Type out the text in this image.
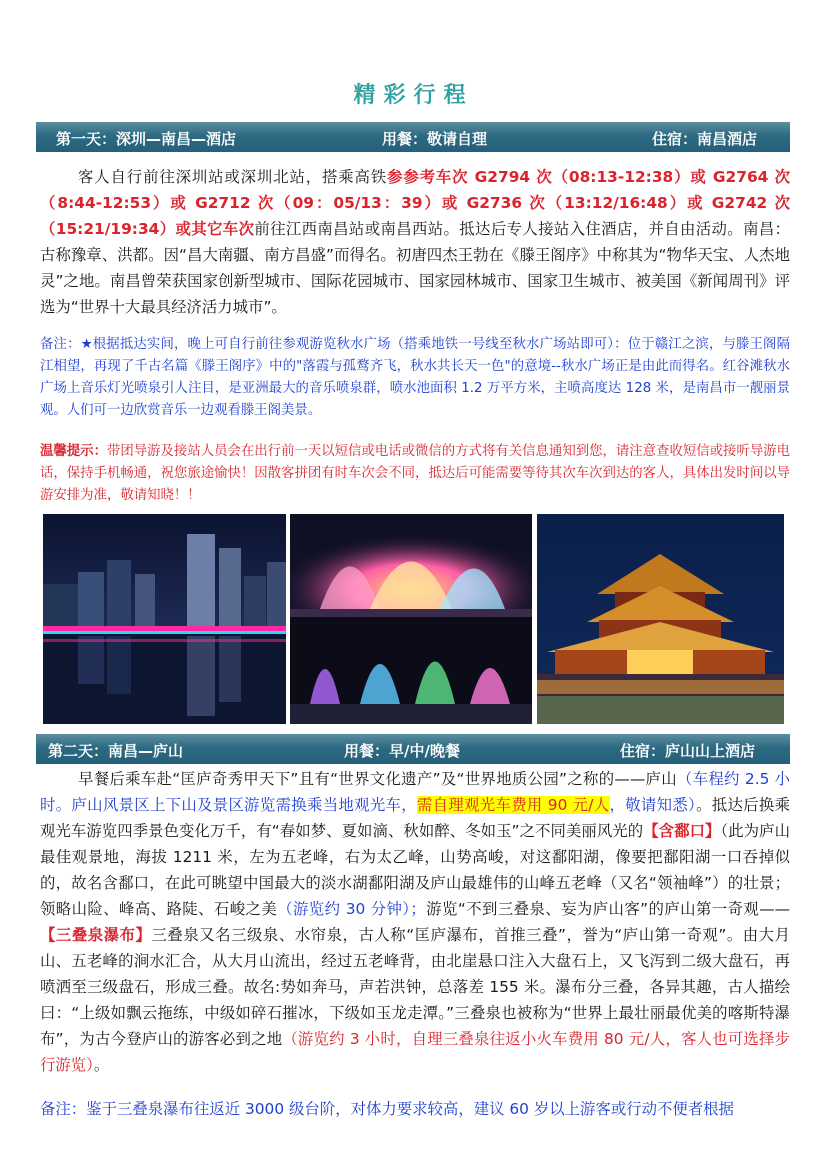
精彩行程
第一天：深圳—南昌—酒店	用餐：敬请自理	住宿：南昌酒店

客人自行前往深圳站或深圳北站，搭乘高铁参参考车次 G2794 次（08:13-12:38）或 G2764 次（8:44-12:53）或 G2712 次（09：05/13：39）或 G2736 次（13:12/16:48）或 G2742 次（15:21/19:34）或其它车次前往江西南昌站或南昌西站。抵达后专人接站入住酒店，并自由活动。南昌：古称豫章、洪都。因“昌大南疆、南方昌盛”而得名。初唐四杰王勃在《滕王阁序》中称其为“物华天宝、人杰地灵”之地。南昌曾荣获国家创新型城市、国际花园城市、国家园林城市、国家卫生城市、被美国《新闻周刊》评选为“世界十大最具经济活力城市”。

备注：★根据抵达实间，晚上可自行前往参观游览秋水广场（搭乘地铁一号线至秋水广场站即可）：位于赣江之滨，与滕王阁隔江相望，再现了千古名篇《滕王阁序》中的"落霞与孤鹜齐飞，秋水共长天一色"的意境--秋水广场正是由此而得名。红谷滩秋水广场上音乐灯光喷泉引人注目，是亚洲最大的音乐喷泉群，喷水池面积 1.2 万平方米，主喷高度达 128 米，是南昌市一靓丽景观。人们可一边欣赏音乐一边观看滕王阁美景。

温馨提示：带团导游及接站人员会在出行前一天以短信或电话或微信的方式将有关信息通知到您，请注意查收短信或接听导游电话，保持手机畅通，祝您旅途愉快！因散客拼团有时车次会不同，抵达后可能需要等待其次车次到达的客人，具体出发时间以导游安排为准，敬请知晓！！

第二天：南昌—庐山	用餐：早/中/晚餐	住宿：庐山山上酒店

早餐后乘车赴“匡庐奇秀甲天下”且有“世界文化遗产”及“世界地质公园”之称的——庐山（车程约 2.5 小时。庐山风景区上下山及景区游览需换乘当地观光车，需自理观光车费用 90 元/人，敬请知悉）。抵达后换乘观光车游览四季景色变化万千，有“春如梦、夏如滴、秋如醉、冬如玉”之不同美丽风光的【含鄱口】（此为庐山最佳观景地，海拔 1211 米，左为五老峰，右为太乙峰，山势高峻，对这鄱阳湖，像要把鄱阳湖一口吞掉似的，故名含鄱口，在此可眺望中国最大的淡水湖鄱阳湖及庐山最雄伟的山峰五老峰（又名“领袖峰”）的壮景；领略山险、峰高、路陡、石峻之美（游览约 30 分钟）；游览“不到三叠泉、妄为庐山客”的庐山第一奇观——【三叠泉瀑布】三叠泉又名三级泉、水帘泉，古人称“匡庐瀑布，首推三叠”，誉为“庐山第一奇观”。由大月山、五老峰的涧水汇合，从大月山流出，经过五老峰背，由北崖悬口注入大盘石上，又飞泻到二级大盘石，再喷洒至三级盘石，形成三叠。故名:势如奔马，声若洪钟，总落差 155 米。瀑布分三叠，各异其趣，古人描绘曰：“上级如飘云拖练，中级如碎石摧冰，下级如玉龙走潭。”三叠泉也被称为“世界上最壮丽最优美的喀斯特瀑布”，为古今登庐山的游客必到之地（游览约 3 小时，自理三叠泉往返小火车费用 80 元/人，客人也可选择步行游览）。

备注：鉴于三叠泉瀑布往返近 3000 级台阶，对体力要求较高，建议 60 岁以上游客或行动不便者根据
